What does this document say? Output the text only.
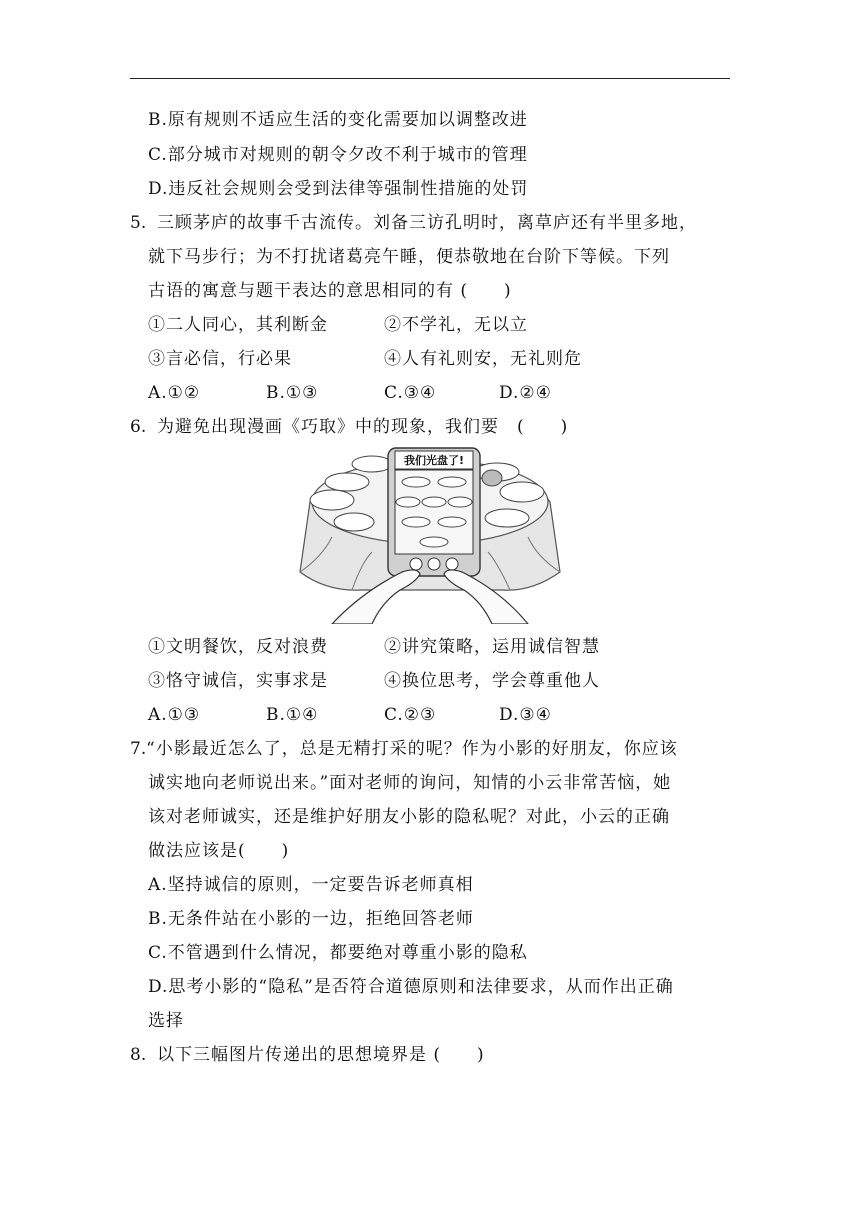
B.原有规则不适应生活的变化需要加以调整改进
C.部分城市对规则的朝令夕改不利于城市的管理
D.违反社会规则会受到法律等强制性措施的处罚
5. 三顾茅庐的故事千古流传。刘备三访孔明时，离草庐还有半里多地，
就下马步行；为不打扰诸葛亮午睡，便恭敬地在台阶下等候。下列
古语的寓意与题干表达的意思相同的有 (　　)
①二人同心，其利断金	②不学礼，无以立
③言必信，行必果	④人有礼则安，无礼则危
A.①②	B.①③	C.③④	D.②④
6. 为避免出现漫画《巧取》中的现象，我们要　(　　)
我们光盘了!
①文明餐饮，反对浪费	②讲究策略，运用诚信智慧
③恪守诚信，实事求是	④换位思考，学会尊重他人
A.①③	B.①④	C.②③	D.③④
7. “小影最近怎么了，总是无精打采的呢？作为小影的好朋友，你应该
诚实地向老师说出来。”面对老师的询问，知情的小云非常苦恼，她
该对老师诚实，还是维护好朋友小影的隐私呢？对此，小云的正确
做法应该是(　　)
A.坚持诚信的原则，一定要告诉老师真相
B.无条件站在小影的一边，拒绝回答老师
C.不管遇到什么情况，都要绝对尊重小影的隐私
D.思考小影的“隐私”是否符合道德原则和法律要求，从而作出正确
选择
8. 以下三幅图片传递出的思想境界是 (　　)
